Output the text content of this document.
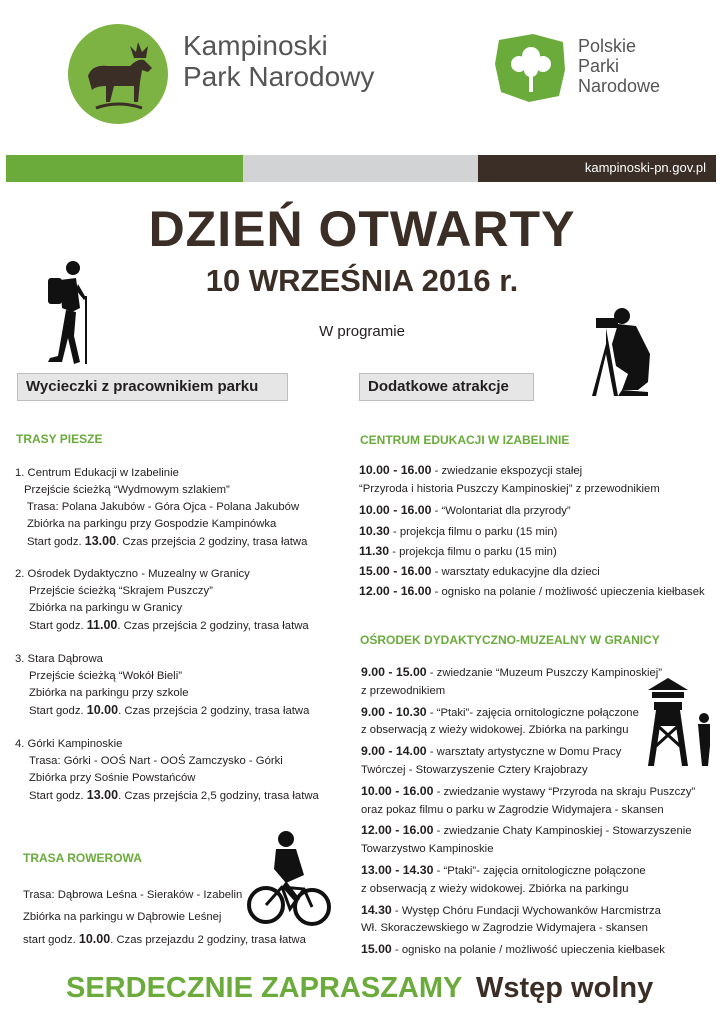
Kampinoski
Park Narodowy
Polskie
Parki
Narodowe
kampinoski-pn.gov.pl
DZIEŃ OTWARTY
10 WRZEŚNIA 2016 r.
W programie
Wycieczki z pracownikiem parku	Dodatkowe atrakcje
TRASY PIESZE
1. Centrum Edukacji w Izabelinie
Przejście ścieżką “Wydmowym szlakiem”
Trasa: Polana Jakubów - Góra Ojca - Polana Jakubów
Zbiórka na parkingu przy Gospodzie Kampinówka
Start godz. 13.00. Czas przejścia 2 godziny, trasa łatwa
2. Ośrodek Dydaktyczno - Muzealny w Granicy
Przejście ścieżką “Skrajem Puszczy”
Zbiórka na parkingu w Granicy
Start godz. 11.00. Czas przejścia 2 godziny, trasa łatwa
3. Stara Dąbrowa
Przejście ścieżką “Wokół Bieli”
Zbiórka na parkingu przy szkole
Start godz. 10.00. Czas przejścia 2 godziny, trasa łatwa
4. Górki Kampinoskie
Trasa: Górki - OOŚ Nart - OOŚ Zamczysko - Górki
Zbiórka przy Sośnie Powstańców
Start godz. 13.00. Czas przejścia 2,5 godziny, trasa łatwa
TRASA ROWEROWA
Trasa: Dąbrowa Leśna - Sieraków - Izabelin
Zbiórka na parkingu w Dąbrowie Leśnej
start godz. 10.00. Czas przejazdu 2 godziny, trasa łatwa
CENTRUM EDUKACJI W IZABELINIE
10.00 - 16.00 - zwiedzanie ekspozycji stałej
“Przyroda i historia Puszczy Kampinoskiej” z przewodnikiem
10.00 - 16.00 - “Wolontariat dla przyrody”
10.30 - projekcja filmu o parku (15 min)
11.30 - projekcja filmu o parku (15 min)
15.00 - 16.00 - warsztaty edukacyjne dla dzieci
12.00 - 16.00 - ognisko na polanie / możliwość upieczenia kiełbasek
OŚRODEK DYDAKTYCZNO-MUZEALNY W GRANICY
9.00 - 15.00 - zwiedzanie “Muzeum Puszczy Kampinoskiej”
z przewodnikiem
9.00 - 10.30 - “Ptaki”- zajęcia ornitologiczne połączone
z obserwacją z wieży widokowej. Zbiórka na parkingu
9.00 - 14.00 - warsztaty artystyczne w Domu Pracy
Twórczej - Stowarzyszenie Cztery Krajobrazy
10.00 - 16.00 - zwiedzanie wystawy “Przyroda na skraju Puszczy”
oraz pokaz filmu o parku w Zagrodzie Widymajera - skansen
12.00 - 16.00 - zwiedzanie Chaty Kampinoskiej - Stowarzyszenie
Towarzystwo Kampinoskie
13.00 - 14.30 - “Ptaki”- zajęcia ornitologiczne połączone
z obserwacją z wieży widokowej. Zbiórka na parkingu
14.30 - Występ Chóru Fundacji Wychowanków Harcmistrza
Wł. Skoraczewskiego w Zagrodzie Widymajera - skansen
15.00 - ognisko na polanie / możliwość upieczenia kiełbasek
SERDECZNIE ZAPRASZAMY Wstęp wolny
